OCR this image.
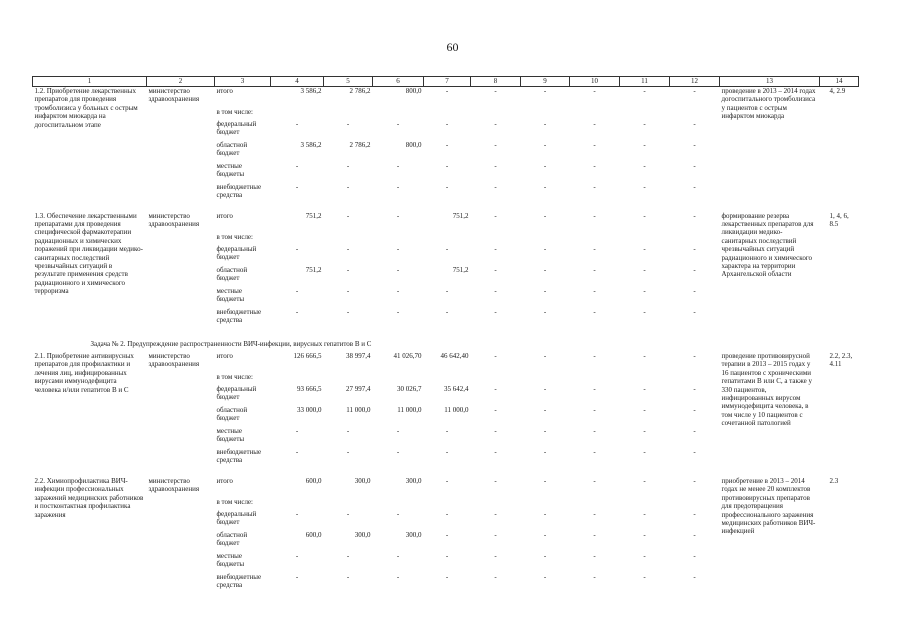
60
1	2	3	4	5	6	7	8	9	10	11	12	13	14
1.2. Приобретение лекарственных препаратов для проведения тромболизиса у больных с острым инфарктом миокарда на догоспитальном этапе	министерство здравоохранения	итого	3 586,2	2 786,2	800,0	-	-	-	-	-	-	проведение в 2013 – 2014 годах догоспитального тромболизиса у пациентов с острым инфарктом миокарда	4, 2.9
		в том числе:											
		федеральный бюджет	-	-	-	-	-	-	-	-	-		
		областной бюджет	3 586,2	2 786,2	800,0	-	-	-	-	-	-		
		местные бюджеты	-	-	-	-	-	-	-	-	-		
		внебюджетные средства	-	-	-	-	-	-	-	-	-		

1.3. Обеспечение лекарственными препаратами для проведения специфической фармакотерапии радиационных и химических поражений при ликвидации медико-санитарных последствий чрезвычайных ситуаций в результате применения средств радиационного и химического терроризма	министерство здравоохранения	итого	751,2	-	-	751,2	-	-	-	-	-	формирование резерва лекарственных препаратов для ликвидации медико-санитарных последствий чрезвычайных ситуаций радиационного и химического характера на территории Архангельской области	1, 4, 6, 8.5
		в том числе:											
		федеральный бюджет	-	-	-	-	-	-	-	-	-		
		областной бюджет	751,2	-	-	751,2	-	-	-	-	-		
		местные бюджеты	-	-	-	-	-	-	-	-	-		
		внебюджетные средства	-	-	-	-	-	-	-	-	-		

Задача № 2. Предупреждение распространенности ВИЧ-инфекции, вирусных гепатитов В и С													
2.1. Приобретение антивирусных препаратов для профилактики и лечения лиц, инфицированных вирусами иммунодефицита человека и/или гепатитов В и С	министерство здравоохранения	итого	126 666,5	38 997,4	41 026,70	46 642,40	-	-	-	-	-	проведение противовирусной терапии в 2013 – 2015 годах у 16 пациентов с хроническими гепатитами В или С, а также у 330 пациентов, инфицированных вирусом иммунодефицита человека, в том числе у 10 пациентов с сочетанной патологией	2.2, 2.3, 4.11
		в том числе:											
		федеральный бюджет	93 666,5	27 997,4	30 026,7	35 642,4	-	-	-	-	-		
		областной бюджет	33 000,0	11 000,0	11 000,0	11 000,0	-	-	-	-	-		
		местные бюджеты	-	-	-	-	-	-	-	-	-		
		внебюджетные средства	-	-	-	-	-	-	-	-	-		

2.2. Химиопрофилактика ВИЧ-инфекции профессиональных заражений медицинских работников и постконтактная профилактика заражения	министерство здравоохранения	итого	600,0	300,0	300,0	-	-	-	-	-	-	приобретение в 2013 – 2014 годах не менее 20 комплектов противовирусных препаратов для предотвращения профессионального заражения медицинских работников ВИЧ-инфекцией	2.3
		в том числе:											
		федеральный бюджет	-	-	-	-	-	-	-	-	-		
		областной бюджет	600,0	300,0	300,0	-	-	-	-	-	-		
		местные бюджеты	-	-	-	-	-	-	-	-	-		
		внебюджетные средства	-	-	-	-	-	-	-	-	-		
